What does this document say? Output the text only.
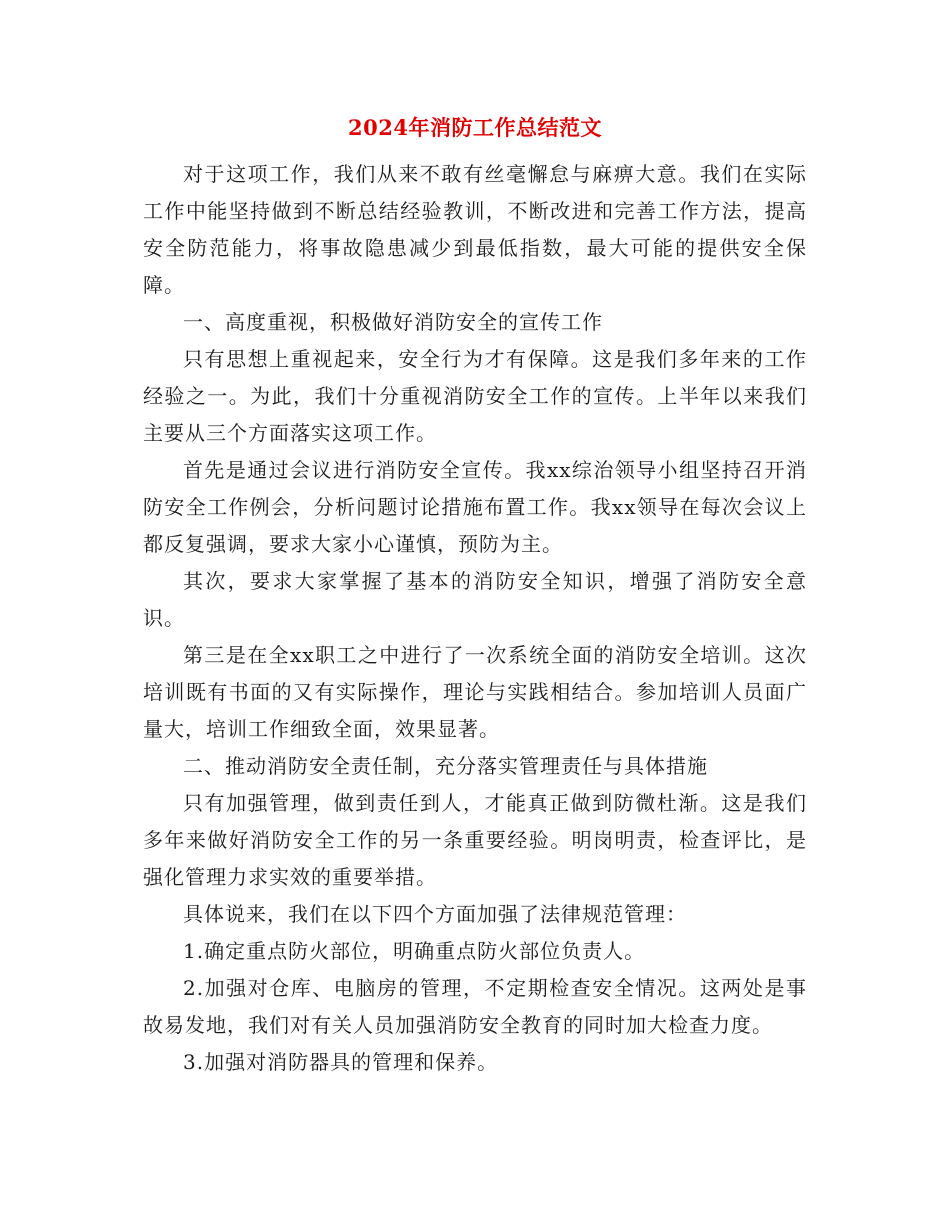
2024年消防工作总结范文

对于这项工作，我们从来不敢有丝毫懈怠与麻痹大意。我们在实际工作中能坚持做到不断总结经验教训，不断改进和完善工作方法，提高安全防范能力，将事故隐患减少到最低指数，最大可能的提供安全保障。

一、高度重视，积极做好消防安全的宣传工作

只有思想上重视起来，安全行为才有保障。这是我们多年来的工作经验之一。为此，我们十分重视消防安全工作的宣传。上半年以来我们主要从三个方面落实这项工作。

首先是通过会议进行消防安全宣传。我xx综治领导小组坚持召开消防安全工作例会，分析问题讨论措施布置工作。我xx领导在每次会议上都反复强调，要求大家小心谨慎，预防为主。

其次，要求大家掌握了基本的消防安全知识，增强了消防安全意识。

第三是在全xx职工之中进行了一次系统全面的消防安全培训。这次培训既有书面的又有实际操作，理论与实践相结合。参加培训人员面广量大，培训工作细致全面，效果显著。

二、推动消防安全责任制，充分落实管理责任与具体措施

只有加强管理，做到责任到人，才能真正做到防微杜渐。这是我们多年来做好消防安全工作的另一条重要经验。明岗明责，检查评比，是强化管理力求实效的重要举措。

具体说来，我们在以下四个方面加强了法律规范管理：

1.确定重点防火部位，明确重点防火部位负责人。

2.加强对仓库、电脑房的管理，不定期检查安全情况。这两处是事故易发地，我们对有关人员加强消防安全教育的同时加大检查力度。

3.加强对消防器具的管理和保养。
